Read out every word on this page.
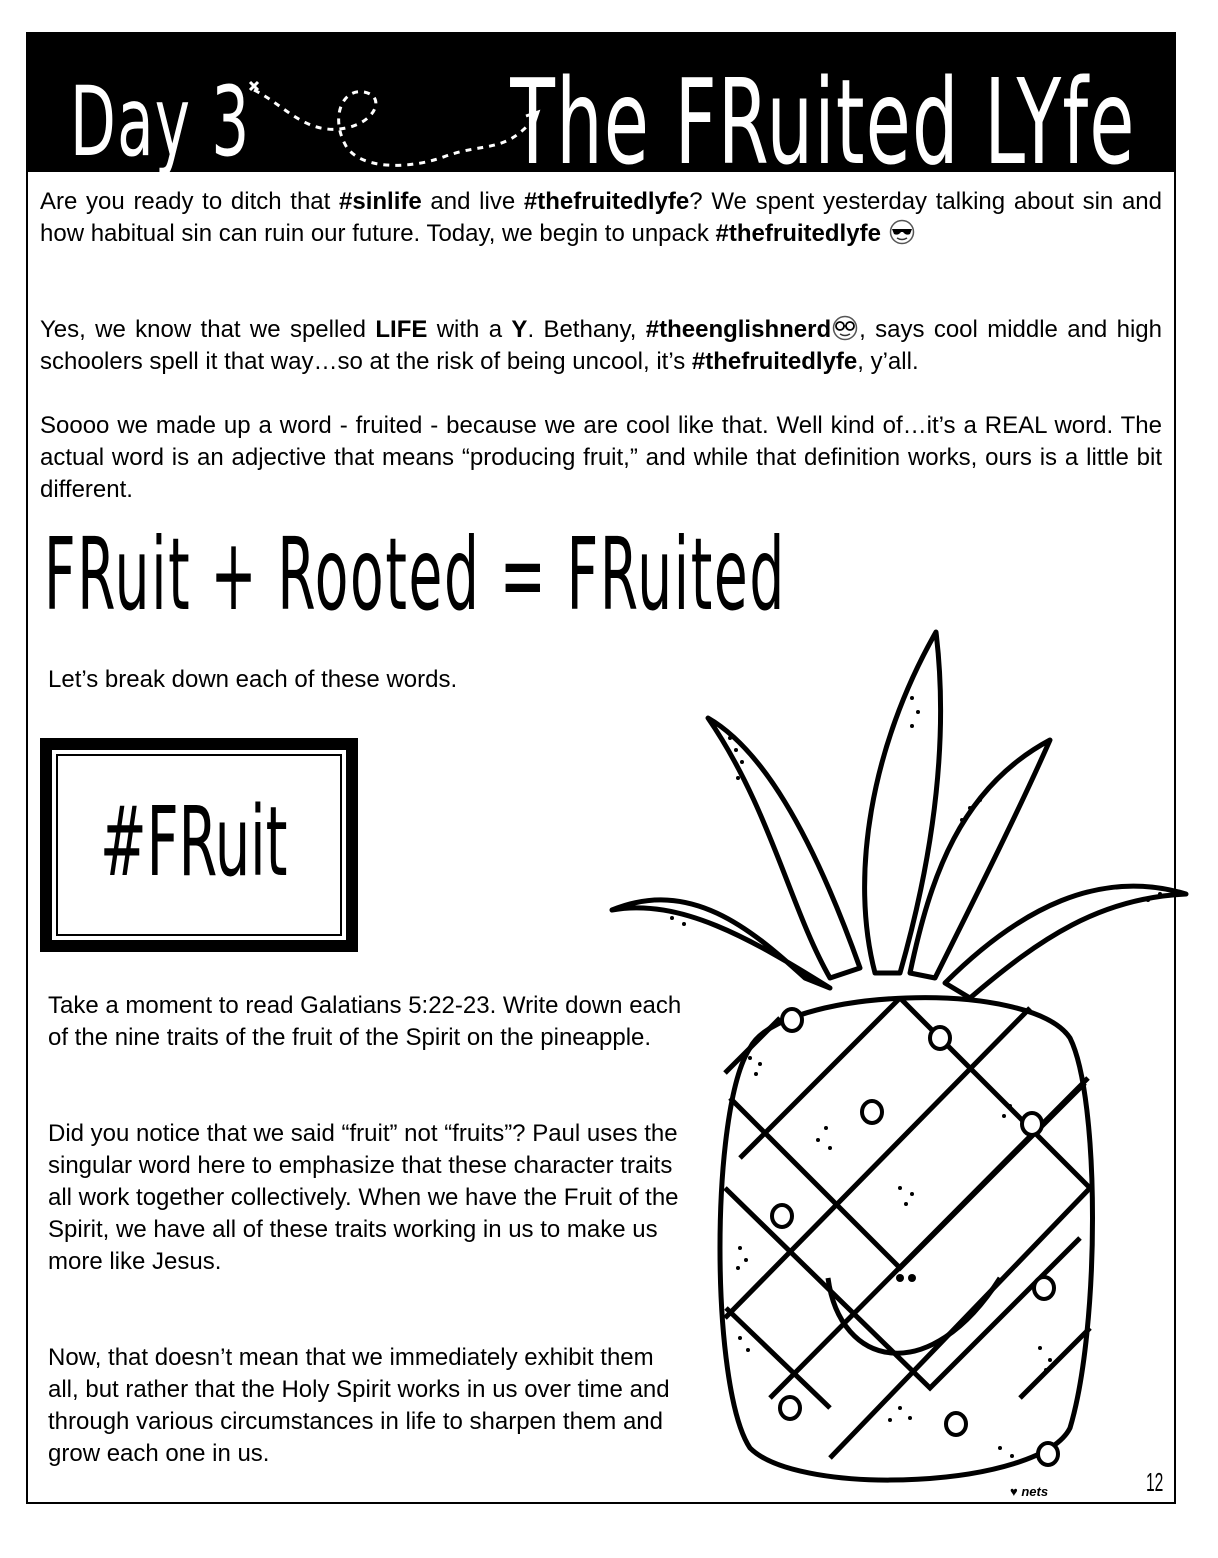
Day 3 The FRuited LYfe
Are you ready to ditch that #sinlife and live #thefruitedlyfe? We spent yesterday talking about sin and how habitual sin can ruin our future. Today, we begin to unpack #thefruitedlyfe
Yes, we know that we spelled LIFE with a Y. Bethany, #theenglishnerd , says cool middle and high schoolers spell it that way…so at the risk of being uncool, it’s #thefruitedlyfe, y’all.
Soooo we made up a word - fruited - because we are cool like that. Well kind of…it’s a REAL word. The actual word is an adjective that means “producing fruit,” and while that definition works, ours is a little bit different.
FRuit + Rooted = FRuited
Let’s break down each of these words.
#FRuit
Take a moment to read Galatians 5:22-23. Write down each of the nine traits of the fruit of the Spirit on the pineapple.
Did you notice that we said “fruit” not “fruits”? Paul uses the singular word here to emphasize that these character traits all work together collectively. When we have the Fruit of the Spirit, we have all of these traits working in us to make us more like Jesus.
Now, that doesn’t mean that we immediately exhibit them all, but rather that the Holy Spirit works in us over time and through various circumstances in life to sharpen them and grow each one in us.
♥ nets	12
